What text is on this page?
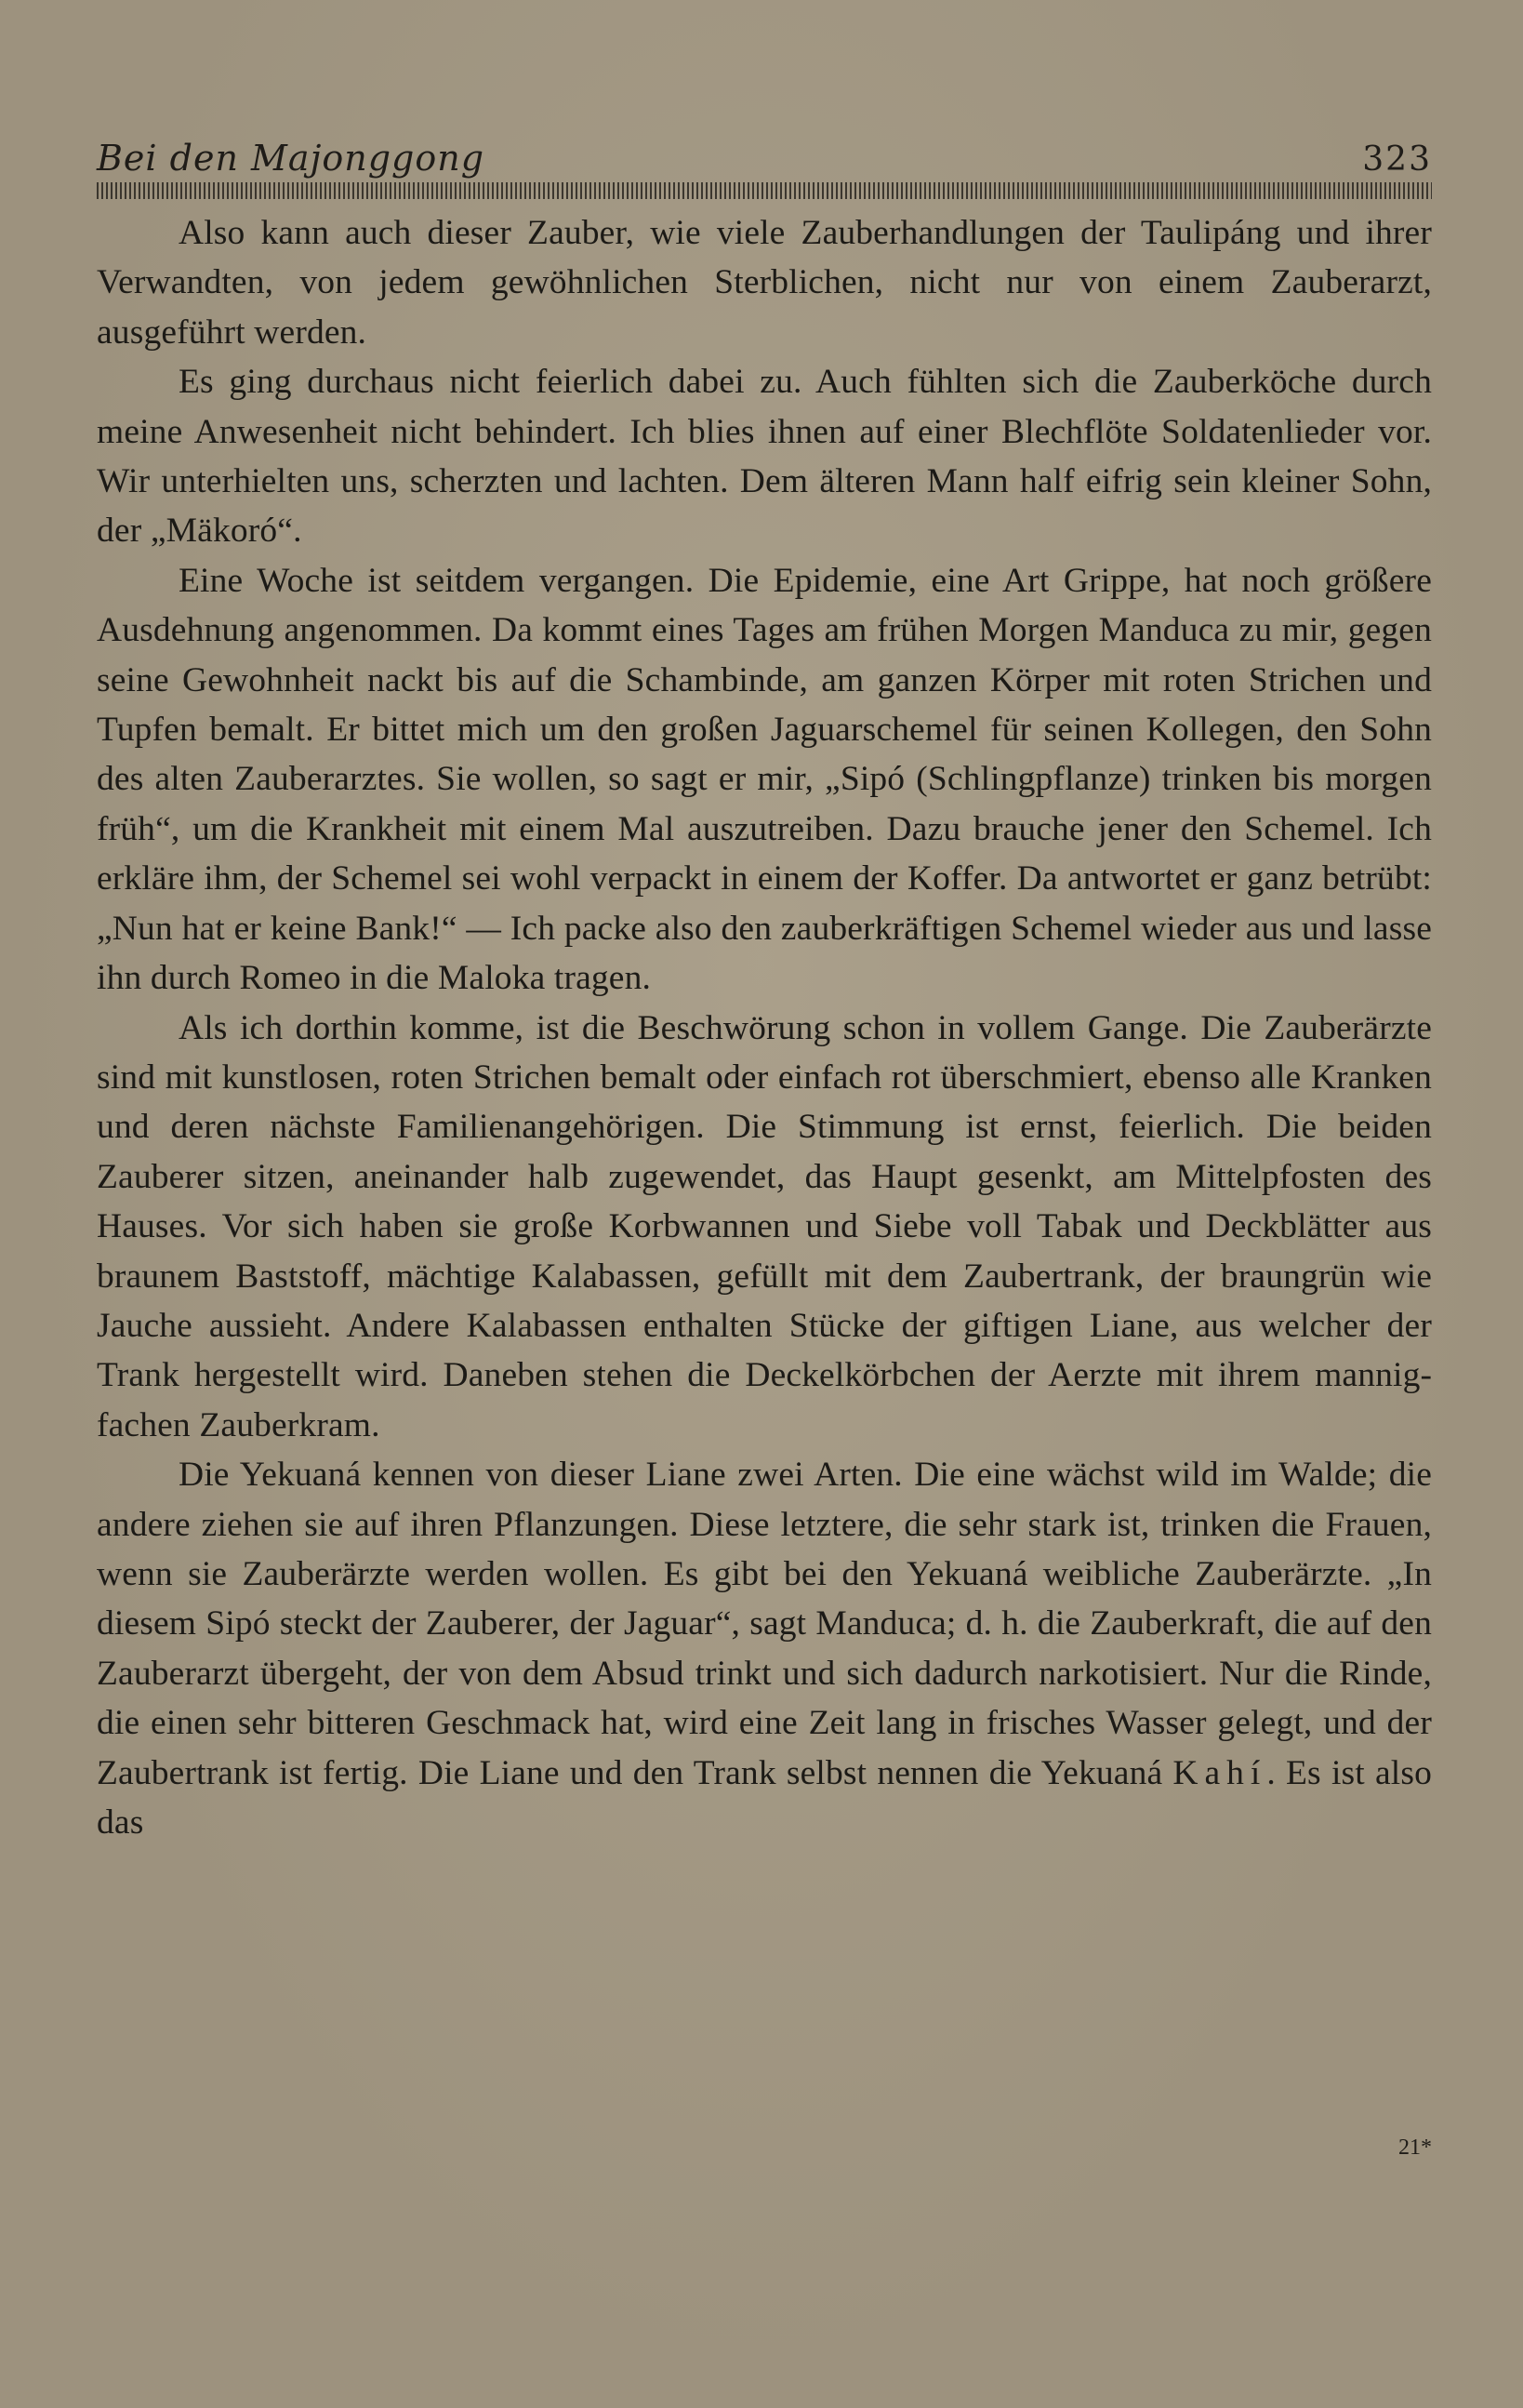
Bei den Majonggong	323

Also kann auch dieser Zauber, wie viele Zauberhandlungen der Taulipáng und ihrer Verwandten, von jedem gewöhnlichen Sterblichen, nicht nur von einem Zauberarzt, ausgeführt werden.

Es ging durchaus nicht feierlich dabei zu. Auch fühlten sich die Zauberköche durch meine Anwesenheit nicht behindert. Ich blies ihnen auf einer Blechflöte Soldatenlieder vor. Wir unterhielten uns, scherzten und lachten. Dem älteren Mann half eifrig sein kleiner Sohn, der „Mäkoró“.

Eine Woche ist seitdem vergangen. Die Epidemie, eine Art Grippe, hat noch größere Ausdehnung angenommen. Da kommt eines Tages am frühen Morgen Manduca zu mir, gegen seine Gewohnheit nackt bis auf die Schambinde, am ganzen Körper mit roten Strichen und Tupfen bemalt. Er bittet mich um den großen Jaguarschemel für seinen Kollegen, den Sohn des alten Zauberarztes. Sie wollen, so sagt er mir, „Sipó (Schlingpflanze) trinken bis morgen früh“, um die Krankheit mit einem Mal auszutreiben. Dazu brauche jener den Schemel. Ich erkläre ihm, der Schemel sei wohl verpackt in einem der Koffer. Da antwortet er ganz betrübt: „Nun hat er keine Bank!“ — Ich packe also den zauberkräftigen Schemel wieder aus und lasse ihn durch Romeo in die Maloka tragen.

Als ich dorthin komme, ist die Beschwörung schon in vollem Gange. Die Zauberärzte sind mit kunstlosen, roten Strichen bemalt oder einfach rot überschmiert, ebenso alle Kranken und deren nächste Familienangehörigen. Die Stimmung ist ernst, feierlich. Die beiden Zauberer sitzen, aneinander halb zugewendet, das Haupt gesenkt, am Mittelpfosten des Hauses. Vor sich haben sie große Korbwannen und Siebe voll Tabak und Deckblätter aus braunem Baststoff, mächtige Kalabassen, gefüllt mit dem Zaubertrank, der braungrün wie Jauche aussieht. Andere Kalabassen enthalten Stücke der giftigen Liane, aus welcher der Trank hergestellt wird. Daneben stehen die Deckelkörbchen der Aerzte mit ihrem mannigfachen Zauberkram.

Die Yekuaná kennen von dieser Liane zwei Arten. Die eine wächst wild im Walde; die andere ziehen sie auf ihren Pflanzungen. Diese letztere, die sehr stark ist, trinken die Frauen, wenn sie Zauberärzte werden wollen. Es gibt bei den Yekuaná weibliche Zauberärzte. „In diesem Sipó steckt der Zauberer, der Jaguar“, sagt Manduca; d. h. die Zauberkraft, die auf den Zauberarzt übergeht, der von dem Absud trinkt und sich dadurch narkotisiert. Nur die Rinde, die einen sehr bitteren Geschmack hat, wird eine Zeit lang in frisches Wasser gelegt, und der Zaubertrank ist fertig. Die Liane und den Trank selbst nennen die Yekuaná Kahí. Es ist also das

21*
